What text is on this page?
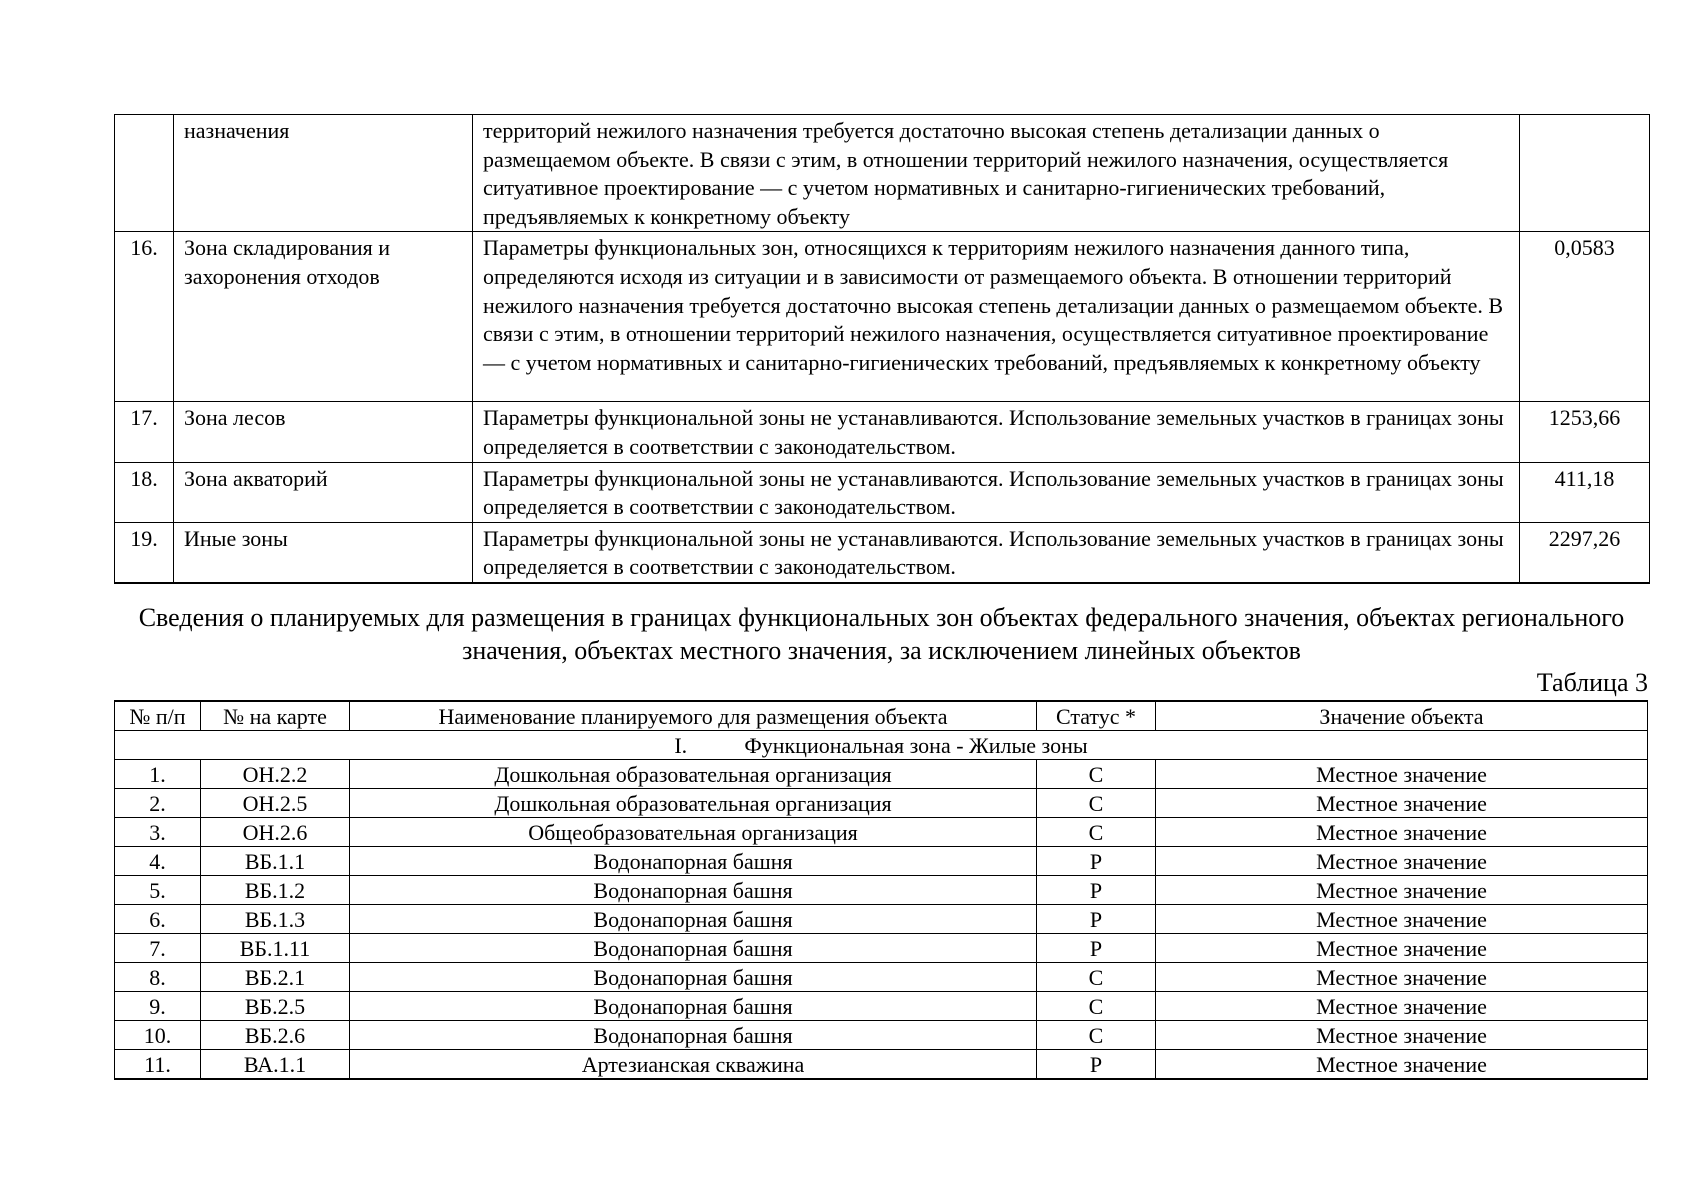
	назначения	территорий нежилого назначения требуется достаточно высокая степень детализации данных о размещаемом объекте. В связи с этим, в отношении территорий нежилого назначения, осуществляется ситуативное проектирование — с учетом нормативных и санитарно-гигиенических требований, предъявляемых к конкретному объекту	
16.	Зона складирования и захоронения отходов	Параметры функциональных зон, относящихся к территориям нежилого назначения данного типа, определяются исходя из ситуации и в зависимости от размещаемого объекта. В отношении территорий нежилого назначения требуется достаточно высокая степень детализации данных о размещаемом объекте. В связи с этим, в отношении территорий нежилого назначения, осуществляется ситуативное проектирование — с учетом нормативных и санитарно-гигиенических требований, предъявляемых к конкретному объекту	0,0583
17.	Зона лесов	Параметры функциональной зоны не устанавливаются. Использование земельных участков в границах зоны определяется в соответствии с законодательством.	1253,66
18.	Зона акваторий	Параметры функциональной зоны не устанавливаются. Использование земельных участков в границах зоны определяется в соответствии с законодательством.	411,18
19.	Иные зоны	Параметры функциональной зоны не устанавливаются. Использование земельных участков в границах зоны определяется в соответствии с законодательством.	2297,26
Сведения о планируемых для размещения в границах функциональных зон объектах федерального значения, объектах регионального значения, объектах местного значения, за исключением линейных объектов
Таблица 3
№ п/п	№ на карте	Наименование планируемого для размещения объекта	Статус *	Значение объекта
I. Функциональная зона - Жилые зоны				
1.	ОН.2.2	Дошкольная образовательная организация	С	Местное значение
2.	ОН.2.5	Дошкольная образовательная организация	С	Местное значение
3.	ОН.2.6	Общеобразовательная организация	С	Местное значение
4.	ВБ.1.1	Водонапорная башня	Р	Местное значение
5.	ВБ.1.2	Водонапорная башня	Р	Местное значение
6.	ВБ.1.3	Водонапорная башня	Р	Местное значение
7.	ВБ.1.11	Водонапорная башня	Р	Местное значение
8.	ВБ.2.1	Водонапорная башня	С	Местное значение
9.	ВБ.2.5	Водонапорная башня	С	Местное значение
10.	ВБ.2.6	Водонапорная башня	С	Местное значение
11.	ВА.1.1	Артезианская скважина	Р	Местное значение
